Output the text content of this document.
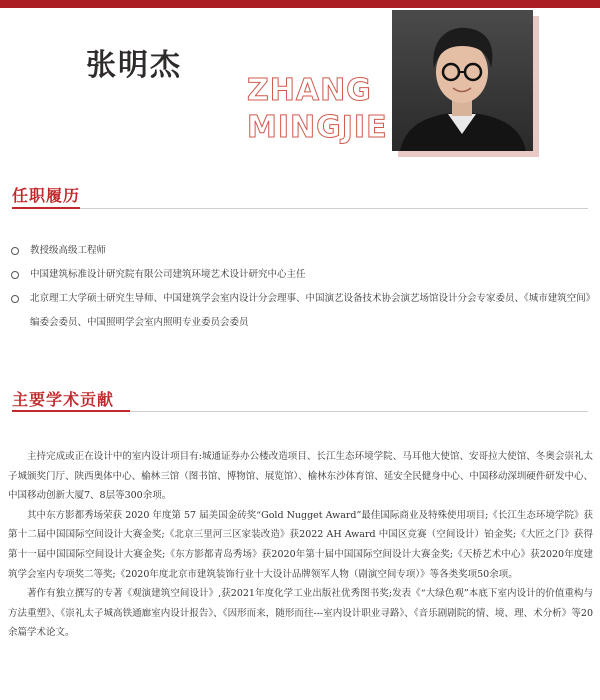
张明杰
ZHANG
MINGJIE
任职履历
教授级高级工程师
中国建筑标准设计研究院有限公司建筑环境艺术设计研究中心主任
北京理工大学硕士研究生导师、中国建筑学会室内设计分会理事、中国演艺设备技术协会演艺场馆设计分会专家委员、《城市建筑空间》编委会委员、中国照明学会室内照明专业委员会委员
主要学术贡献

主持完成或正在设计中的室内设计项目有:城通证券办公楼改造项目、长江生态环境学院、马耳他大使馆、安哥拉大使馆、冬奥会崇礼太子城颁奖门厅、陕西奥体中心、榆林三馆（图书馆、博物馆、展览馆）、榆林东沙体育馆、延安全民健身中心、中国移动深圳硬件研发中心、中国移动创新大厦7、8层等300余项。

其中东方影都秀场荣获 2020 年度第 57 届美国金砖奖“Gold Nugget Award”最佳国际商业及特殊使用项目;《长江生态环境学院》获第十二届中国国际空间设计大赛金奖;《北京三里河三区家装改造》获2022 AH Award 中国区竞赛（空间设计）铂金奖;《大匠之门》获得第十一届中国国际空间设计大赛金奖;《东方影都青岛秀场》获2020年第十届中国国际空间设计大赛金奖;《天桥艺术中心》获2020年度建筑学会室内专项奖二等奖;《2020年度北京市建筑装饰行业十大设计品牌领军人物（剧演空间专项）》等各类奖项50余项。

著作有独立撰写的专著《观演建筑空间设计》,获2021年度化学工业出版社优秀图书奖;发表《“大绿色观”本底下室内设计的价值重构与方法重塑》、《崇礼太子城高铁通廊室内设计报告》、《因形而来，随形而往---室内设计职业寻路》、《音乐剧剧院的情、境、理、术分析》等20余篇学术论文。
